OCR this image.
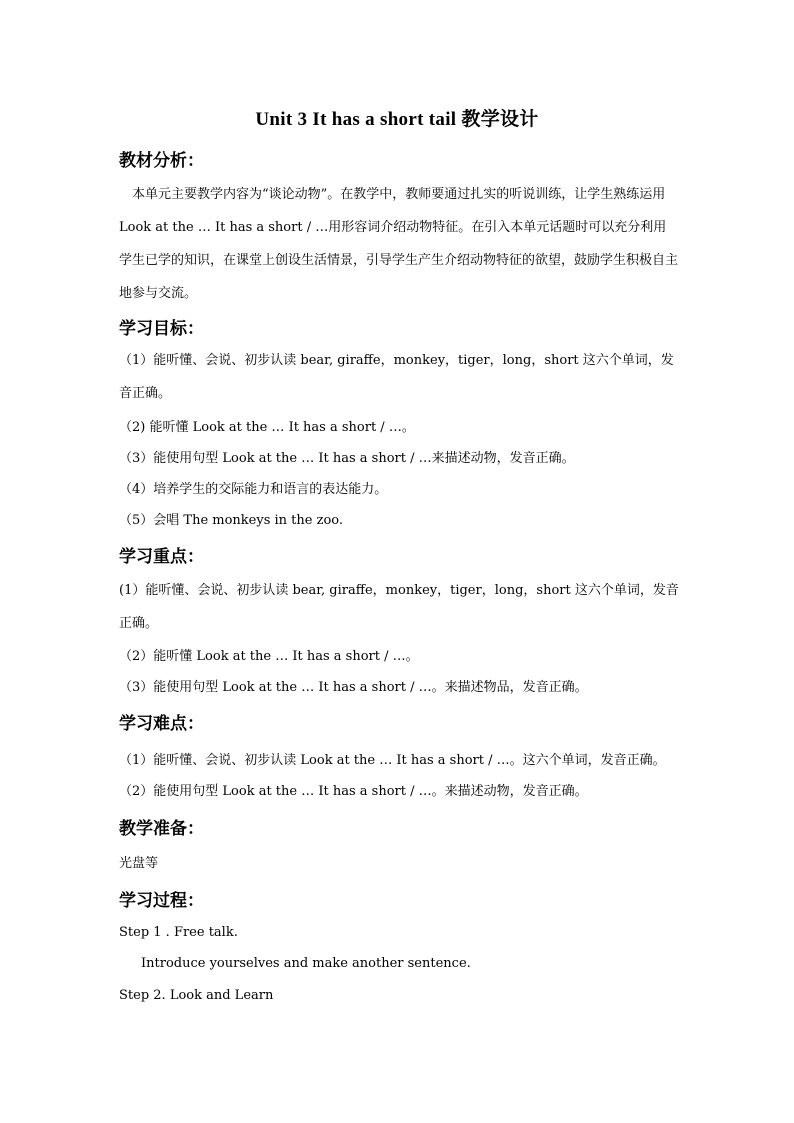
Unit 3 It has a short tail 教学设计
教材分析：
本单元主要教学内容为“谈论动物”。在教学中，教师要通过扎实的听说训练，让学生熟练运用 Look at the … It has a short / …用形容词介绍动物特征。在引入本单元话题时可以充分利用学生已学的知识，在课堂上创设生活情景，引导学生产生介绍动物特征的欲望，鼓励学生积极自主地参与交流。
学习目标：
（1）能听懂、会说、初步认读 bear, giraffe，monkey，tiger，long，short 这六个单词，发音正确。
（2) 能听懂 Look at the … It has a short / …。
（3）能使用句型 Look at the … It has a short / …来描述动物，发音正确。
（4）培养学生的交际能力和语言的表达能力。
（5）会唱 The monkeys in the zoo.
学习重点：
(1）能听懂、会说、初步认读 bear, giraffe，monkey，tiger，long，short 这六个单词，发音正确。
（2）能听懂 Look at the … It has a short / …。
（3）能使用句型 Look at the … It has a short / …。来描述物品，发音正确。
学习难点：
（1）能听懂、会说、初步认读 Look at the … It has a short / …。这六个单词，发音正确。
（2）能使用句型 Look at the … It has a short / …。来描述动物，发音正确。
教学准备：
光盘等
学习过程：
Step 1 . Free talk.
Introduce yourselves and make another sentence.
Step 2. Look and Learn
